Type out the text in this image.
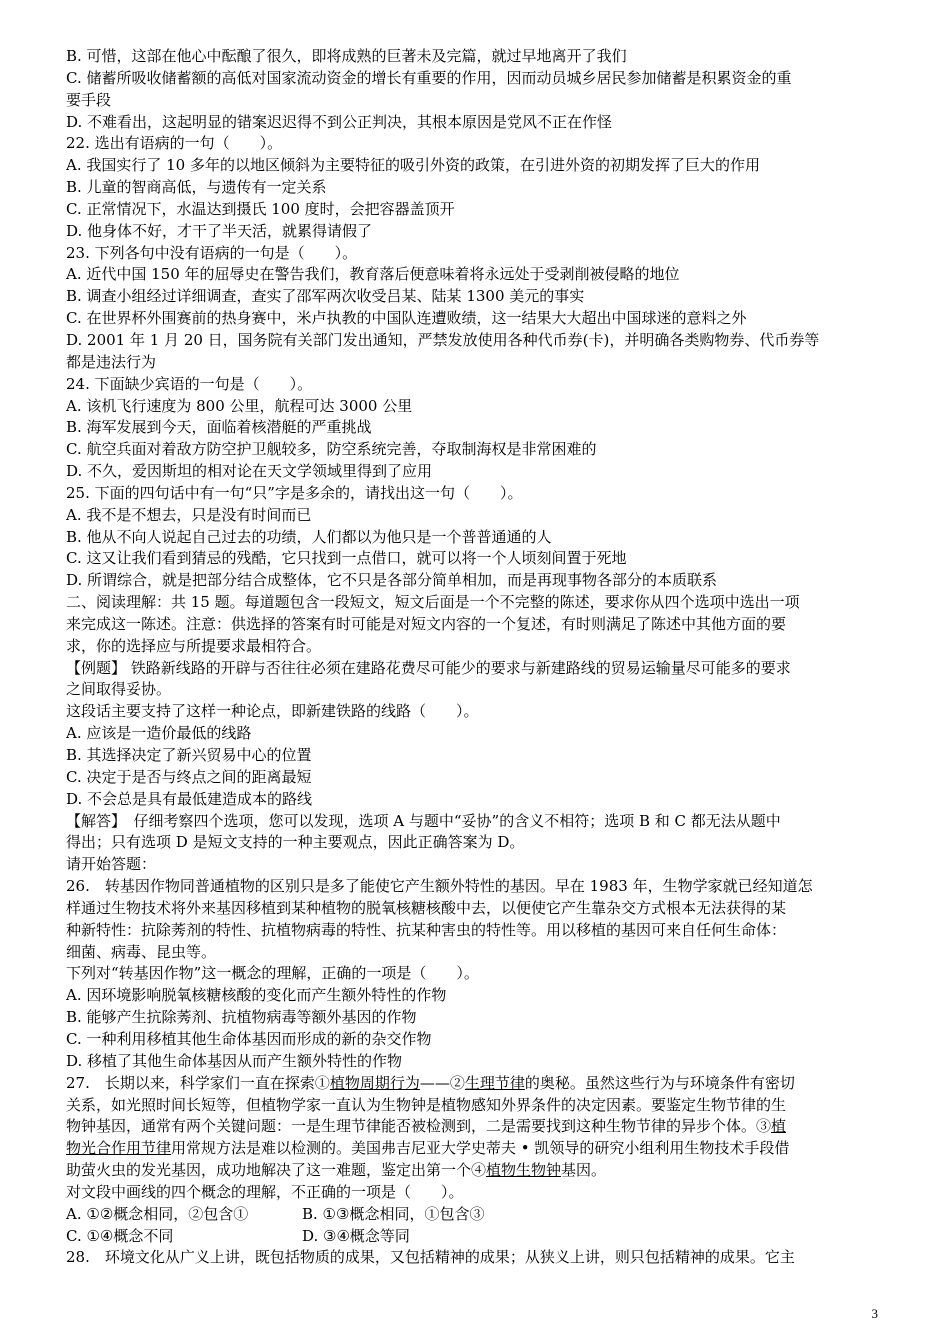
B. 可惜，这部在他心中酝酿了很久，即将成熟的巨著未及完篇，就过早地离开了我们
C. 储蓄所吸收储蓄额的高低对国家流动资金的增长有重要的作用，因而动员城乡居民参加储蓄是积累资金的重
要手段
D. 不难看出，这起明显的错案迟迟得不到公正判决，其根本原因是党风不正在作怪
22. 选出有语病的一句（　　）。
A. 我国实行了 10 多年的以地区倾斜为主要特征的吸引外资的政策，在引进外资的初期发挥了巨大的作用
B. 儿童的智商高低，与遗传有一定关系
C. 正常情况下，水温达到摄氏 100 度时，会把容器盖顶开
D. 他身体不好，才干了半天活，就累得请假了
23. 下列各句中没有语病的一句是（　　）。
A. 近代中国 150 年的屈辱史在警告我们，教育落后便意味着将永远处于受剥削被侵略的地位
B. 调查小组经过详细调查，查实了邵军两次收受吕某、陆某 1300 美元的事实
C. 在世界杯外围赛前的热身赛中，米卢执教的中国队连遭败绩，这一结果大大超出中国球迷的意料之外
D. 2001 年 1 月 20 日，国务院有关部门发出通知，严禁发放使用各种代币券(卡)，并明确各类购物券、代币券等
都是违法行为
24. 下面缺少宾语的一句是（　　）。
A. 该机飞行速度为 800 公里，航程可达 3000 公里
B. 海军发展到今天，面临着核潜艇的严重挑战
C. 航空兵面对着敌方防空护卫舰较多，防空系统完善，夺取制海权是非常困难的
D. 不久，爱因斯坦的相对论在天文学领域里得到了应用
25. 下面的四句话中有一句“只”字是多余的，请找出这一句（　　）。
A. 我不是不想去，只是没有时间而已
B. 他从不向人说起自己过去的功绩，人们都以为他只是一个普普通通的人
C. 这又让我们看到猜忌的残酷，它只找到一点借口，就可以将一个人顷刻间置于死地
D. 所谓综合，就是把部分结合成整体，它不只是各部分简单相加，而是再现事物各部分的本质联系
二、阅读理解：共 15 题。每道题包含一段短文，短文后面是一个不完整的陈述，要求你从四个选项中选出一项
来完成这一陈述。注意：供选择的答案有时可能是对短文内容的一个复述，有时则满足了陈述中其他方面的要
求，你的选择应与所提要求最相符合。
【例题】 铁路新线路的开辟与否往往必须在建路花费尽可能少的要求与新建路线的贸易运输量尽可能多的要求
之间取得妥协。
这段话主要支持了这样一种论点，即新建铁路的线路（　　）。
A. 应该是一造价最低的线路
B. 其选择决定了新兴贸易中心的位置
C. 决定于是否与终点之间的距离最短
D. 不会总是具有最低建造成本的路线
【解答】　仔细考察四个选项，您可以发现，选项 A 与题中“妥协”的含义不相符；选项 B 和 C 都无法从题中
得出；只有选项 D 是短文支持的一种主要观点，因此正确答案为 D。
请开始答题：
26.　转基因作物同普通植物的区别只是多了能使它产生额外特性的基因。早在 1983 年，生物学家就已经知道怎
样通过生物技术将外来基因移植到某种植物的脱氧核糖核酸中去，以便使它产生靠杂交方式根本无法获得的某
种新特性：抗除莠剂的特性、抗植物病毒的特性、抗某种害虫的特性等。用以移植的基因可来自任何生命体：
细菌、病毒、昆虫等。
下列对“转基因作物”这一概念的理解，正确的一项是（　　）。
A. 因环境影响脱氧核糖核酸的变化而产生额外特性的作物
B. 能够产生抗除莠剂、抗植物病毒等额外基因的作物
C. 一种利用移植其他生命体基因而形成的新的杂交作物
D. 移植了其他生命体基因从而产生额外特性的作物
27.　长期以来，科学家们一直在探索①植物周期行为——②生理节律的奥秘。虽然这些行为与环境条件有密切
关系，如光照时间长短等，但植物学家一直认为生物钟是植物感知外界条件的决定因素。要鉴定生物节律的生
物钟基因，通常有两个关键问题：一是生理节律能否被检测到，二是需要找到这种生物节律的异步个体。③植
物光合作用节律用常规方法是难以检测的。美国弗吉尼亚大学史蒂夫 • 凯领导的研究小组利用生物技术手段借
助萤火虫的发光基因，成功地解决了这一难题，鉴定出第一个④植物生物钟基因。
对文段中画线的四个概念的理解，不正确的一项是（　　）。
A. ①②概念相同，②包含①	B. ①③概念相同，①包含③
C. ①④概念不同	D. ③④概念等同
28.　环境文化从广义上讲，既包括物质的成果，又包括精神的成果；从狭义上讲，则只包括精神的成果。它主
3
